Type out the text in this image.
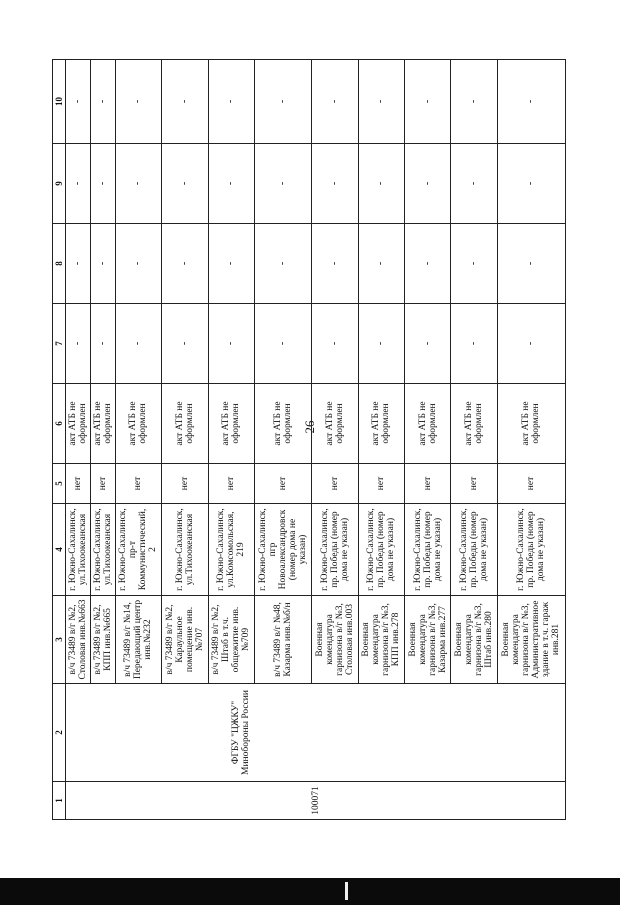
26
1	2	3	4	5	6	7	8	9	10
100071	ФГБУ "ЦЖКУ" Минобороны России	в/ч 73489 в/г №2, Столовая инв.№663	г. Южно-Сахалинск, ул.Тихоокеанская	нет	акт АТБ не оформлен	-	-	-	-
		в/ч 73489 в/г №2, КПП инв.№665	г. Южно-Сахалинск, ул.Тихоокеанская	нет	акт АТБ не оформлен	-	-	-	-
		в/ч 73489 в/г №14, Передающий центр инв.№232	г. Южно-Сахалинск, пр-т Коммунистический, 2	нет	акт АТБ не оформлен	-	-	-	-
		в/ч 73489 в/г №2, Караульное помещение инв.№707	г. Южно-Сахалинск, ул.Тихоокеанская	нет	акт АТБ не оформлен	-	-	-	-
		в/ч 73489 в/г №2, Штаб в т.ч. общежитие инв.№709	г. Южно-Сахалинск, ул.Комсомольская, 219	нет	акт АТБ не оформлен	-	-	-	-
		в/ч 73489 в/г №48, Казарма инв.№б/н	г. Южно-Сахалинск, пгр Новоалександровск (номер дома не указан)	нет	акт АТБ не оформлен	-	-	-	-
		Военная комендатура гарнизона в/г №3, Столовая инв.003	г. Южно-Сахалинск, пр. Победы (номер дома не указан)	нет	акт АТБ не оформлен	-	-	-	-
		Военная комендатура гарнизона в/г №3, КПП инв.278	г. Южно-Сахалинск, пр. Победы (номер дома не указан)	нет	акт АТБ не оформлен	-	-	-	-
		Военная комендатура гарнизона в/г №3, Казарма инв.277	г. Южно-Сахалинск, пр. Победы (номер дома не указан)	нет	акт АТБ не оформлен	-	-	-	-
		Военная комендатура гарнизона в/г №3, Штаб инв.280	г. Южно-Сахалинск, пр. Победы (номер дома не указан)	нет	акт АТБ не оформлен	-	-	-	-
		Военная комендатура гарнизона в/г №3, Административное здание в т.ч. гараж инв.281	г. Южно-Сахалинск, пр. Победы (номер дома не указан)	нет	акт АТБ не оформлен	-	-	-	-
